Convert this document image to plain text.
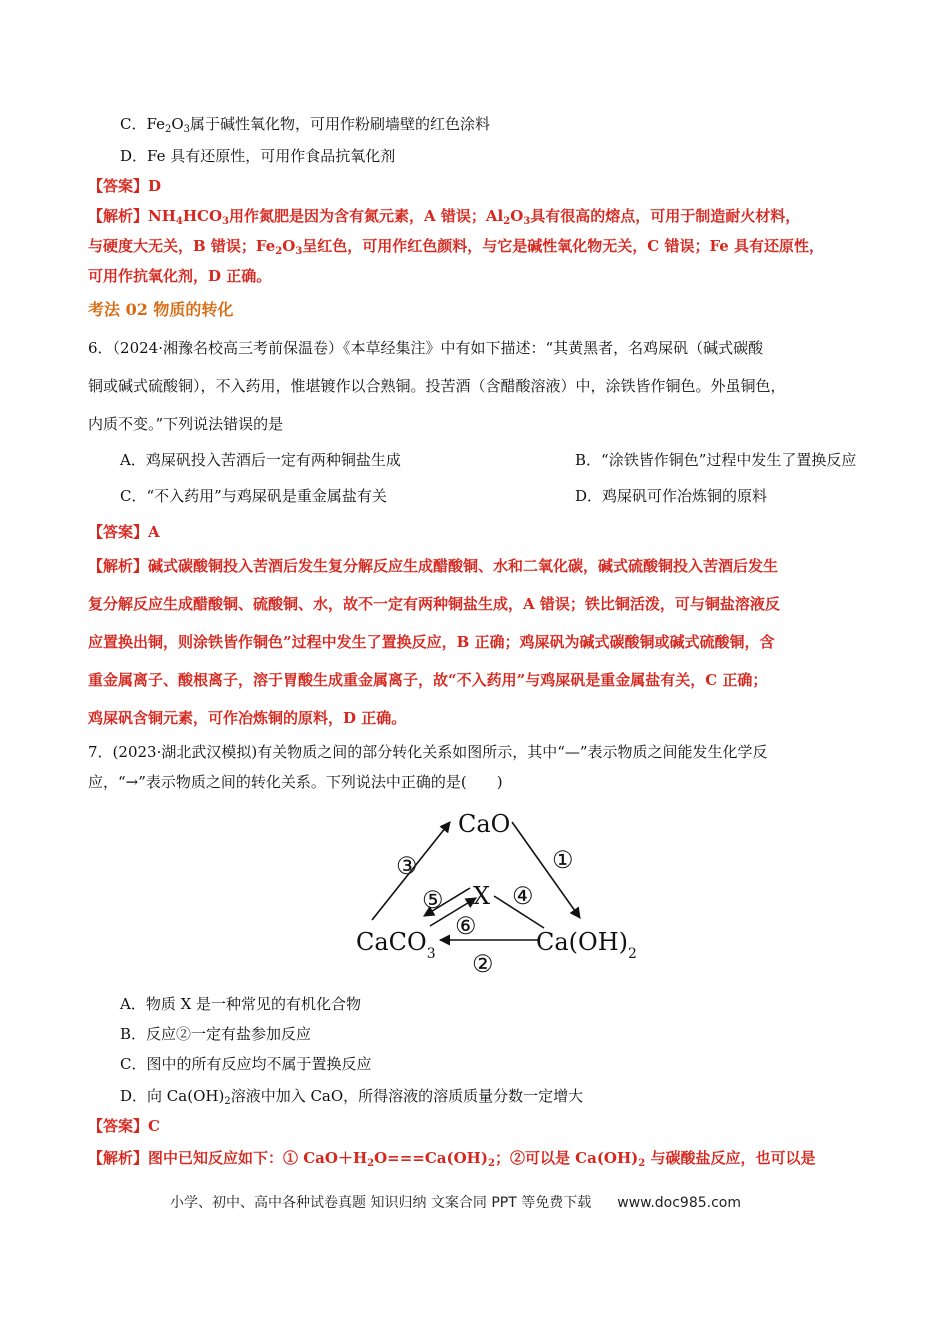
C．$Fe_2O_3$属于碱性氧化物，可用作粉刷墙壁的红色涂料
D．Fe 具有还原性，可用作食品抗氧化剂
【答案】D
【解析】$NH_4HCO_3$用作氮肥是因为含有氮元素，A 错误；$Al_2O_3$具有很高的熔点，可用于制造耐火材料，
与硬度大无关，B 错误；$Fe_2O_3$呈红色，可用作红色颜料，与它是碱性氧化物无关，C 错误；Fe 具有还原性，
可用作抗氧化剂，D 正确。
考法 02 物质的转化
6．（2024·湘豫名校高三考前保温卷）《本草经集注》中有如下描述：“其黄黑者，名鸡屎矾（碱式碳酸
铜或碱式硫酸铜），不入药用，惟堪镀作以合熟铜。投苦酒（含醋酸溶液）中，涂铁皆作铜色。外虽铜色，
内质不变。”下列说法错误的是
A．鸡屎矾投入苦酒后一定有两种铜盐生成	B．“涂铁皆作铜色”过程中发生了置换反应
C．“不入药用”与鸡屎矾是重金属盐有关	D．鸡屎矾可作冶炼铜的原料
【答案】A
【解析】碱式碳酸铜投入苦酒后发生复分解反应生成醋酸铜、水和二氧化碳，碱式硫酸铜投入苦酒后发生
复分解反应生成醋酸铜、硫酸铜、水，故不一定有两种铜盐生成，A 错误；铁比铜活泼，可与铜盐溶液反
应置换出铜，则涂铁皆作铜色”过程中发生了置换反应，B 正确；鸡屎矾为碱式碳酸铜或碱式硫酸铜，含
重金属离子、酸根离子，溶于胃酸生成重金属离子，故“不入药用”与鸡屎矾是重金属盐有关，C 正确；
鸡屎矾含铜元素，可作冶炼铜的原料，D 正确。
7．(2023·湖北武汉模拟)有关物质之间的部分转化关系如图所示，其中“—”表示物质之间能发生化学反
应，“→”表示物质之间的转化关系。下列说法中正确的是(　　)
CaO
X
CaCO$_3$	$Ca(OH)_2$
③	①
⑤	④
⑥
②
A．物质 X 是一种常见的有机化合物
B．反应②一定有盐参加反应
C．图中的所有反应均不属于置换反应
D．向 $Ca(OH)_2$溶液中加入 CaO，所得溶液的溶质质量分数一定增大
【答案】C
【解析】图中已知反应如下：① $CaO+H_2O===Ca(OH)_2$；②可以是 $Ca(OH)_2$ 与碳酸盐反应，也可以是
小学、初中、高中各种试卷真题 知识归纳 文案合同 PPT 等免费下载 www.doc985.com
